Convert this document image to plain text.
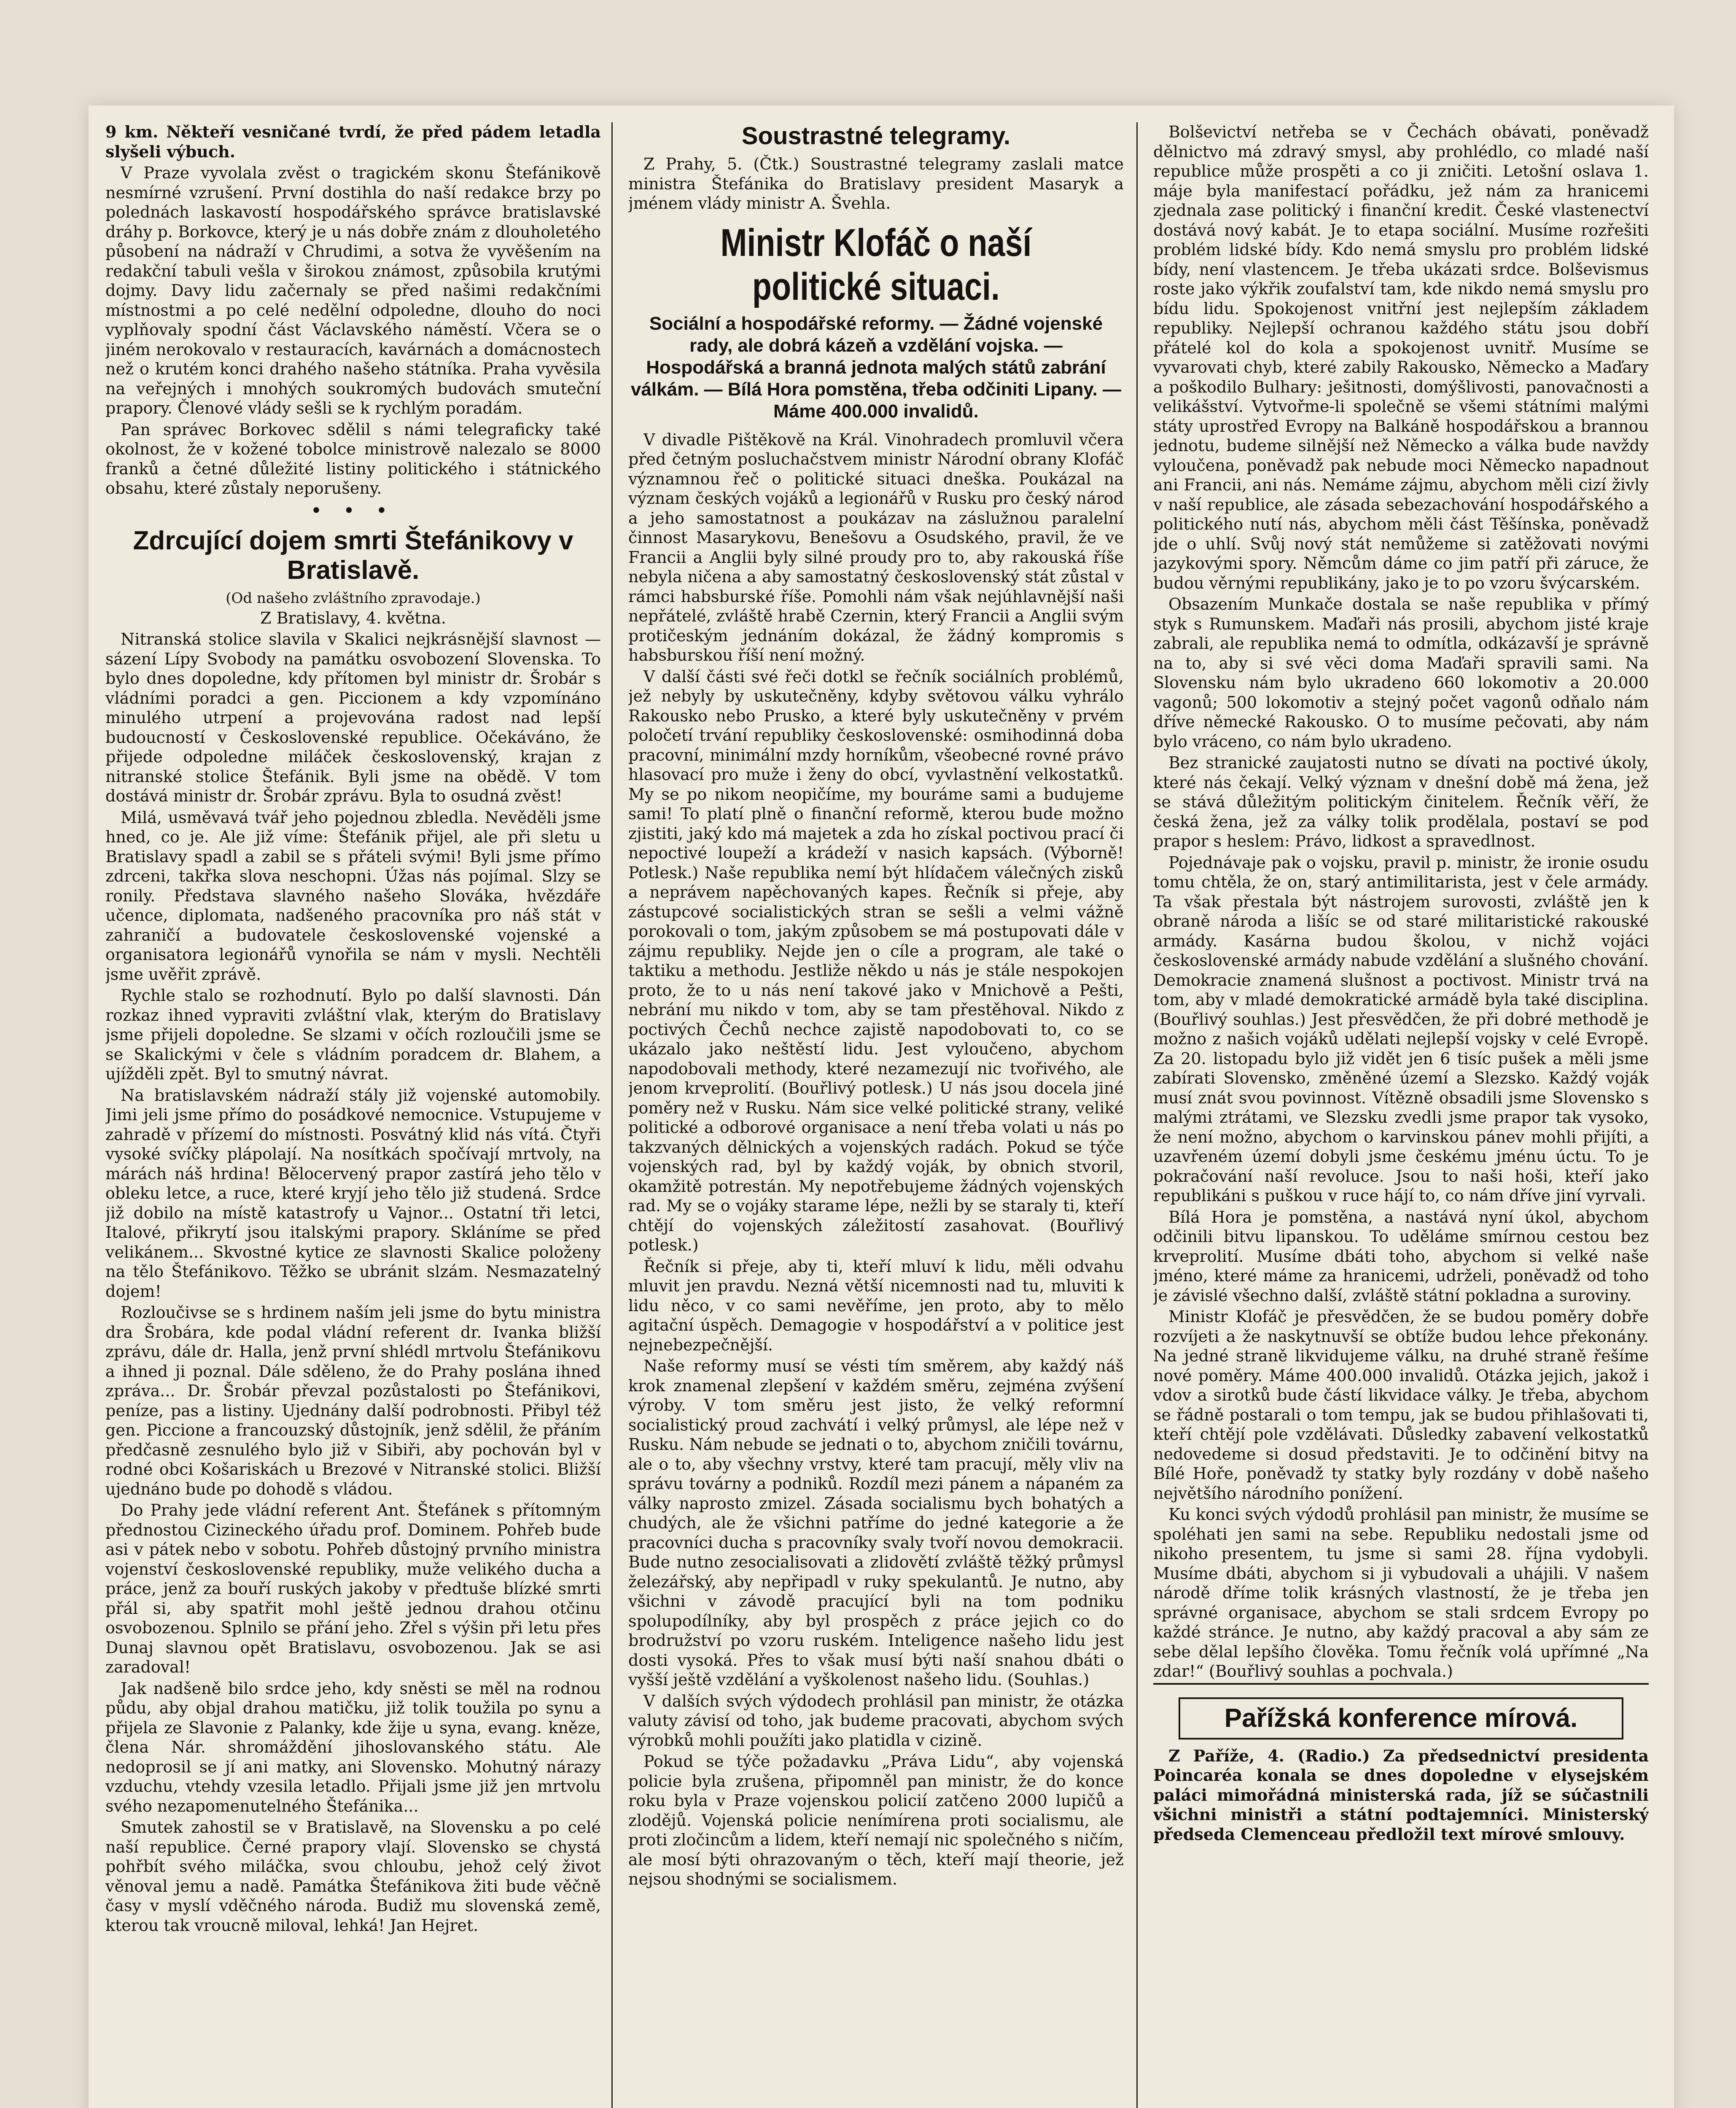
9 km. Někteří vesničané tvrdí, že před pádem letadla slyšeli výbuch.

V Praze vyvolala zvěst o tragickém skonu Štefánikově nesmírné vzrušení. První dostihla do naší redakce brzy po polednách laskavostí hospodářského správce bratislavské dráhy p. Borkovce, který je u nás dobře znám z dlouholetého působení na nádraží v Chrudimi, a sotva že vyvěšením na redakční tabuli vešla v širokou známost, způsobila krutými dojmy. Davy lidu začernaly se před našimi redakčními místnostmi a po celé nedělní odpoledne, dlouho do noci vyplňovaly spodní část Václavského náměstí. Včera se o jiném nerokovalo v restauracích, kavárnách a domácnostech než o krutém konci drahého našeho státníka. Praha vyvěsila na veřejných i mnohých soukromých budovách smuteční prapory. Členové vlády sešli se k rychlým poradám.

Pan správec Borkovec sdělil s námi telegraficky také okolnost, že v kožené tobolce ministrově nalezalo se 8000 franků a četné důležité listiny politického i státnického obsahu, které zůstaly neporušeny.

• • •
Zdrcující dojem smrti Štefánikovy v Bratislavě.

(Od našeho zvláštního zpravodaje.)

Z Bratislavy, 4. května.

Nitranská stolice slavila v Skalici nejkrásnější slavnost — sázení Lípy Svobody na památku osvobození Slovenska. To bylo dnes dopoledne, kdy přítomen byl ministr dr. Šrobár s vládními poradci a gen. Piccionem a kdy vzpomínáno minulého utrpení a projevována radost nad lepší budoucností v Československé republice. Očekáváno, že přijede odpoledne miláček československý, krajan z nitranské stolice Štefánik. Byli jsme na obědě. V tom dostává ministr dr. Šrobár zprávu. Byla to osudná zvěst!

Milá, usměvavá tvář jeho pojednou zbledla. Nevěděli jsme hned, co je. Ale již víme: Štefánik přijel, ale při sletu u Bratislavy spadl a zabil se s přáteli svými! Byli jsme přímo zdrceni, takřka slova neschopni. Úžas nás pojímal. Slzy se ronily. Představa slavného našeho Slováka, hvězdáře učence, diplomata, nadšeného pracovníka pro náš stát v zahraničí a budovatele československé vojenské a organisatora legionářů vynořila se nám v mysli. Nechtěli jsme uvěřit zprávě.

Rychle stalo se rozhodnutí. Bylo po další slavnosti. Dán rozkaz ihned vypraviti zvláštní vlak, kterým do Bratislavy jsme přijeli dopoledne. Se slzami v očích rozloučili jsme se se Skalickými v čele s vládním poradcem dr. Blahem, a ujížděli zpět. Byl to smutný návrat.

Na bratislavském nádraží stály již vojenské automobily. Jimi jeli jsme přímo do posádkové nemocnice. Vstupujeme v zahradě v přízemí do místnosti. Posvátný klid nás vítá. Čtyři vysoké svíčky plápolají. Na nosítkách spočívají mrtvoly, na márách náš hrdina! Bělocervený prapor zastírá jeho tělo v obleku letce, a ruce, které kryjí jeho tělo již studená. Srdce již dobilo na místě katastrofy u Vajnor... Ostatní tři letci, Italové, přikrytí jsou italskými prapory. Skláníme se před velikánem... Skvostné kytice ze slavnosti Skalice položeny na tělo Štefánikovo. Těžko se ubránit slzám. Nesmazatelný dojem!

Rozloučivse se s hrdinem naším jeli jsme do bytu ministra dra Šrobára, kde podal vládní referent dr. Ivanka bližší zprávu, dále dr. Halla, jenž první shlédl mrtvolu Štefánikovu a ihned ji poznal. Dále sděleno, že do Prahy poslána ihned zpráva... Dr. Šrobár převzal pozůstalosti po Štefánikovi, peníze, pas a listiny. Ujednány další podrobnosti. Přibyl též gen. Piccione a francouzský důstojník, jenž sdělil, že přáním předčasně zesnulého bylo již v Sibiři, aby pochován byl v rodné obci Košariskách u Brezové v Nitranské stolici. Bližší ujednáno bude po dohodě s vládou.

Do Prahy jede vládní referent Ant. Štefánek s přítomným přednostou Cizineckého úřadu prof. Dominem. Pohřeb bude asi v pátek nebo v sobotu. Pohřeb důstojný prvního ministra vojenství československé republiky, muže velikého ducha a práce, jenž za bouří ruských jakoby v předtuše blízké smrti přál si, aby spatřit mohl ještě jednou drahou otčinu osvobozenou. Splnilo se přání jeho. Zřel s výšin při letu přes Dunaj slavnou opět Bratislavu, osvobozenou. Jak se asi zaradoval!

Jak nadšeně bilo srdce jeho, kdy sněsti se měl na rodnou půdu, aby objal drahou matičku, již tolik toužila po synu a přijela ze Slavonie z Palanky, kde žije u syna, evang. kněze, člena Nár. shromáždění jihoslovanského státu. Ale nedoprosil se jí ani matky, ani Slovensko. Mohutný nárazy vzduchu, vtehdy vzesila letadlo. Přijali jsme již jen mrtvolu svého nezapomenutelného Štefánika...

Smutek zahostil se v Bratislavě, na Slovensku a po celé naší republice. Černé prapory vlají. Slovensko se chystá pohřbít svého miláčka, svou chloubu, jehož celý život věnoval jemu a nadě. Památka Štefánikova žiti bude věčně časy v myslí vděčného národa. Budiž mu slovenská země, kterou tak vroucně miloval, lehká! Jan Hejret.

Soustrastné telegramy.

Z Prahy, 5. (Čtk.) Soustrastné telegramy zaslali matce ministra Štefánika do Bratislavy president Masaryk a jménem vlády ministr A. Švehla.

Ministr Klofáč o naší politické situaci.
Sociální a hospodářské reformy. — Žádné vojenské rady, ale dobrá kázeň a vzdělání vojska. — Hospodářská a branná jednota malých států zabrání válkám. — Bílá Hora pomstěna, třeba odčiniti Lipany. — Máme 400.000 invalidů.

V divadle Pištěkově na Král. Vinohradech promluvil včera před četným posluchačstvem ministr Národní obrany Klofáč významnou řeč o politické situaci dneška. Poukázal na význam českých vojáků a legionářů v Rusku pro český národ a jeho samostatnost a poukázav na záslužnou paralelní činnost Masarykovu, Benešovu a Osudského, pravil, že ve Francii a Anglii byly silné proudy pro to, aby rakouská říše nebyla ničena a aby samostatný československý stát zůstal v rámci habsburské říše. Pomohli nám však nejúhlavnější naši nepřátelé, zvláště hrabě Czernin, který Francii a Anglii svým protičeským jednáním dokázal, že žádný kompromis s habsburskou říší není možný.

V další části své řeči dotkl se řečník sociálních problémů, jež nebyly by uskutečněny, kdyby světovou válku vyhrálo Rakousko nebo Prusko, a které byly uskutečněny v prvém poločetí trvání republiky československé: osmihodinná doba pracovní, minimální mzdy horníkům, všeobecné rovné právo hlasovací pro muže i ženy do obcí, vyvlastnění velkostatků. My se po nikom neopičíme, my bouráme sami a budujeme sami! To platí plně o finanční reformě, kterou bude možno zjistiti, jaký kdo má majetek a zda ho získal poctivou prací či nepoctivé loupeží a krádeží v nasich kapsách. (Výborně! Potlesk.) Naše republika nemí být hlídačem válečných zisků a neprávem napěchovaných kapes. Řečník si přeje, aby zástupcové socialistických stran se sešli a velmi vážně porokovali o tom, jakým způsobem se má postupovati dále v zájmu republiky. Nejde jen o cíle a program, ale také o taktiku a methodu. Jestliže někdo u nás je stále nespokojen proto, že to u nás není takové jako v Mnichově a Pešti, nebrání mu nikdo v tom, aby se tam přestěhoval. Nikdo z poctivých Čechů nechce zajistě napodobovati to, co se ukázalo jako neštěstí lidu. Jest vyloučeno, abychom napodobovali methody, které nezamezují nic tvořivého, ale jenom krveprolití. (Bouřlivý potlesk.) U nás jsou docela jiné poměry než v Rusku. Nám sice velké politické strany, veliké politické a odborové organisace a není třeba volati u nás po takzvaných dělnických a vojenských radách. Pokud se týče vojenských rad, byl by každý voják, by obnich stvoril, okamžitě potrestán. My nepotřebujeme žádných vojenských rad. My se o vojáky starame lépe, nežli by se staraly ti, kteří chtějí do vojenských záležitostí zasahovat. (Bouřlivý potlesk.)

Řečník si přeje, aby ti, kteří mluví k lidu, měli odvahu mluvit jen pravdu. Nezná větší nicemnosti nad tu, mluviti k lidu něco, v co sami nevěříme, jen proto, aby to mělo agitační úspěch. Demagogie v hospodářství a v politice jest nejnebezpečnější.

Naše reformy musí se vésti tím směrem, aby každý náš krok znamenal zlepšení v každém směru, zejména zvýšení výroby. V tom směru jest jisto, že velký reformní socialistický proud zachvátí i velký průmysl, ale lépe než v Rusku. Nám nebude se jednati o to, abychom zničili továrnu, ale o to, aby všechny vrstvy, které tam pracují, měly vliv na správu továrny a podniků. Rozdíl mezi pánem a nápaném za války naprosto zmizel. Zásada socialismu bych bohatých a chudých, ale že všichni patříme do jedné kategorie a že pracovníci ducha s pracovníky svaly tvoří novou demokracii. Bude nutno zesocialisovati a zlidovětí zvláště těžký průmysl železářský, aby nepřipadl v ruky spekulantů. Je nutno, aby všichni v závodě pracující byli na tom podniku spolupodílníky, aby byl prospěch z práce jejich co do brodružství po vzoru ruském. Inteligence našeho lidu jest dosti vysoká. Přes to však musí býti naší snahou dbáti o vyšší ještě vzdělání a vyškolenost našeho lidu. (Souhlas.)

V dalších svých výdodech prohlásil pan ministr, že otázka valuty závisí od toho, jak budeme pracovati, abychom svých výrobků mohli použíti jako platidla v cizině.

Pokud se týče požadavku „Práva Lidu“, aby vojenská policie byla zrušena, připomněl pan ministr, že do konce roku byla v Praze vojenskou policií zatčeno 2000 lupičů a zlodějů. Vojenská policie nenímírena proti socialismu, ale proti zločincům a lidem, kteří nemají nic společného s ničím, ale mosí býti ohrazovaným o těch, kteří mají theorie, jež nejsou shodnými se socialismem.

Bolševictví netřeba se v Čechách obávati, poněvadž dělnictvo má zdravý smysl, aby prohlédlo, co mladé naší republice může prospěti a co ji zničiti. Letošní oslava 1. máje byla manifestací pořádku, jež nám za hranicemi zjednala zase politický i finanční kredit. České vlastenectví dostává nový kabát. Je to etapa sociální. Musíme rozřešiti problém lidské bídy. Kdo nemá smyslu pro problém lidské bídy, není vlastencem. Je třeba ukázati srdce. Bolševismus roste jako výkřik zoufalství tam, kde nikdo nemá smyslu pro bídu lidu. Spokojenost vnitřní jest nejlepším základem republiky. Nejlepší ochranou každého státu jsou dobří přátelé kol do kola a spokojenost uvnitř. Musíme se vyvarovati chyb, které zabily Rakousko, Německo a Maďary a poškodilo Bulhary: ješitnosti, domýšlivosti, panovačnosti a velikášství. Vytvořme-li společně se všemi státními malými státy uprostřed Evropy na Balkáně hospodářskou a brannou jednotu, budeme silnější než Německo a válka bude navždy vyloučena, poněvadž pak nebude moci Německo napadnout ani Francii, ani nás. Nemáme zájmu, abychom měli cizí živly v naší republice, ale zásada sebezachování hospodářského a politického nutí nás, abychom měli část Těšínska, poněvadž jde o uhlí. Svůj nový stát nemůžeme si zatěžovati novými jazykovými spory. Němcům dáme co jim patří při záruce, že budou věrnými republikány, jako je to po vzoru švýcarském.

Obsazením Munkače dostala se naše republika v přímý styk s Rumunskem. Maďaři nás prosili, abychom jisté kraje zabrali, ale republika nemá to odmítla, odkázavší je správně na to, aby si své věci doma Maďaři spravili sami. Na Slovensku nám bylo ukradeno 660 lokomotiv a 20.000 vagonů; 500 lokomotiv a stejný počet vagonů odňalo nám dříve německé Rakousko. O to musíme pečovati, aby nám bylo vráceno, co nám bylo ukradeno.

Bez stranické zaujatosti nutno se dívati na poctivé úkoly, které nás čekají. Velký význam v dnešní době má žena, jež se stává důležitým politickým činitelem. Řečník věří, že česká žena, jež za války tolik prodělala, postaví se pod prapor s heslem: Právo, lidkost a spravedlnost.

Pojednávaje pak o vojsku, pravil p. ministr, že ironie osudu tomu chtěla, že on, starý antimilitarista, jest v čele armády. Ta však přestala být nástrojem surovosti, zvláště jen k obraně národa a lišíc se od staré militaristické rakouské armády. Kasárna budou školou, v nichž vojáci československé armády nabude vzdělání a slušného chování. Demokracie znamená slušnost a poctivost. Ministr trvá na tom, aby v mladé demokratické armádě byla také disciplina. (Bouřlivý souhlas.) Jest přesvědčen, že při dobré methodě je možno z našich vojáků udělati nejlepší vojsky v celé Evropě. Za 20. listopadu bylo již vidět jen 6 tisíc pušek a měli jsme zabírati Slovensko, změněné území a Slezsko. Každý voják musí znát svou povinnost. Vítězně obsadili jsme Slovensko s malými ztrátami, ve Slezsku zvedli jsme prapor tak vysoko, že není možno, abychom o karvinskou pánev mohli přijíti, a uzavřeném území dobyli jsme českému jménu úctu. To je pokračování naší revoluce. Jsou to naši hoši, kteří jako republikáni s puškou v ruce hájí to, co nám dříve jiní vyrvali.

Bílá Hora je pomstěna, a nastává nyní úkol, abychom odčinili bitvu lipanskou. To uděláme smírnou cestou bez krveprolití. Musíme dbáti toho, abychom si velké naše jméno, které máme za hranicemi, udrželi, poněvadž od toho je závislé všechno další, zvláště státní pokladna a suroviny.

Ministr Klofáč je přesvědčen, že se budou poměry dobře rozvíjeti a že naskytnuvší se obtíže budou lehce překonány. Na jedné straně likvidujeme válku, na druhé straně řešíme nové poměry. Máme 400.000 invalidů. Otázka jejich, jakož i vdov a sirotků bude částí likvidace války. Je třeba, abychom se řádně postarali o tom tempu, jak se budou přihlašovati ti, kteří chtějí pole vzdělávati. Důsledky zabavení velkostatků nedovedeme si dosud představiti. Je to odčinění bitvy na Bílé Hoře, poněvadž ty statky byly rozdány v době našeho největšího národního ponížení.

Ku konci svých výdodů prohlásil pan ministr, že musíme se spoléhati jen sami na sebe. Republiku nedostali jsme od nikoho presentem, tu jsme si sami 28. října vydobyli. Musíme dbáti, abychom si ji vybudovali a uhájili. V našem národě dříme tolik krásných vlastností, že je třeba jen správné organisace, abychom se stali srdcem Evropy po každé stránce. Je nutno, aby každý pracoval a aby sám ze sebe dělal lepšího člověka. Tomu řečník volá upřímné „Na zdar!“ (Bouřlivý souhlas a pochvala.)

Pařížská konference mírová.

Z Paříže, 4. (Radio.) Za předsednictví presidenta Poincaréa konala se dnes dopoledne v elysejském paláci mimořádná ministerská rada, jíž se súčastnili všichni ministři a státní podtajemníci. Ministerský předseda Clemenceau předložil text mírové smlouvy.
